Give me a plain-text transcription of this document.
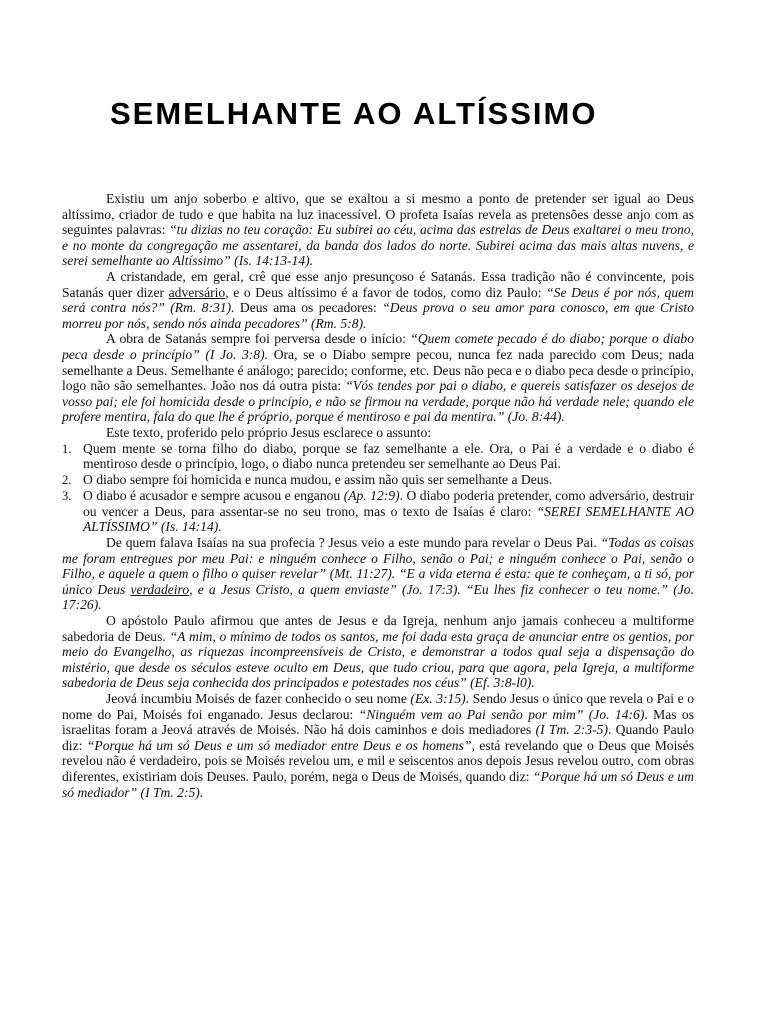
SEMELHANTE AO ALTÍSSIMO

Existiu um anjo soberbo e altivo, que se exaltou a si mesmo a ponto de pretender ser igual ao Deus altíssimo, criador de tudo e que habita na luz inacessível. O profeta Isaías revela as pretensões desse anjo com as seguintes palavras: “tu dizias no teu coração: Eu subirei ao céu, acima das estrelas de Deus exaltarei o meu trono, e no monte da congregação me assentarei, da banda dos lados do norte. Subirei acima das mais altas nuvens, e serei semelhante ao Altíssimo” (Is. 14:13-14).

A cristandade, em geral, crê que esse anjo presunçoso é Satanás. Essa tradição não é convincente, pois Satanás quer dizer adversário, e o Deus altíssimo é a favor de todos, como diz Paulo: “Se Deus é por nós, quem será contra nós?” (Rm. 8:31). Deus ama os pecadores: “Deus prova o seu amor para conosco, em que Cristo morreu por nós, sendo nós ainda pecadores” (Rm. 5:8).

A obra de Satanás sempre foi perversa desde o início: “Quem comete pecado é do diabo; porque o diabo peca desde o princípio” (I Jo. 3:8). Ora, se o Diabo sempre pecou, nunca fez nada parecido com Deus; nada semelhante a Deus. Semelhante é análogo; parecido; conforme, etc. Deus não peca e o diabo peca desde o princípio, logo não são semelhantes. João nos dá outra pista: “Vós tendes por pai o diabo, e quereis satisfazer os desejos de vosso pai; ele foi homicida desde o princípio, e não se firmou na verdade, porque não há verdade nele; quando ele profere mentira, fala do que lhe é próprio, porque é mentiroso e pai da mentira.” (Jo. 8:44).

Este texto, proferido pelo próprio Jesus esclarece o assunto:

1. Quem mente se torna filho do diabo, porque se faz semelhante a ele. Ora, o Pai é a verdade e o diabo é mentiroso desde o princípio, logo, o diabo nunca pretendeu ser semelhante ao Deus Pai.
2. O diabo sempre foi homicida e nunca mudou, e assim não quis ser semelhante a Deus.
3. O diabo é acusador e sempre acusou e enganou (Ap. 12:9). O diabo poderia pretender, como adversário, destruir ou vencer a Deus, para assentar-se no seu trono, mas o texto de Isaías é claro: “SEREI SEMELHANTE AO ALTÍSSIMO” (Is. 14:14).

De quem falava Isaías na sua profecia ? Jesus veio a este mundo para revelar o Deus Pai. “Todas as coisas me foram entregues por meu Pai: e ninguém conhece o Filho, senão o Pai; e ninguém conhece o Pai, senão o Filho, e aquele a quem o filho o quiser revelar” (Mt. 11:27). “E a vida eterna é esta: que te conheçam, a ti só, por único Deus verdadeiro, e a Jesus Cristo, a quem enviaste” (Jo. 17:3). “Eu lhes fiz conhecer o teu nome.” (Jo. 17:26).

O apóstolo Paulo afirmou que antes de Jesus e da Igreja, nenhum anjo jamais conheceu a multiforme sabedoria de Deus. “A mim, o mínimo de todos os santos, me foi dada esta graça de anunciar entre os gentios, por meio do Evangelho, as riquezas incompreensíveis de Cristo, e demonstrar a todos qual seja a dispensação do mistério, que desde os séculos esteve oculto em Deus, que tudo criou, para que agora, pela Igreja, a multiforme sabedoria de Deus seja conhecida dos principados e potestades nos céus” (Ef. 3:8-l0).

Jeová incumbiu Moisés de fazer conhecido o seu nome (Ex. 3:15). Sendo Jesus o único que revela o Pai e o nome do Pai, Moisés foi enganado. Jesus declarou: “Ninguém vem ao Pai senão por mim” (Jo. 14:6). Mas os israelitas foram a Jeová através de Moisés. Não há dois caminhos e dois mediadores (I Tm. 2:3-5). Quando Paulo diz: “Porque há um só Deus e um só mediador entre Deus e os homens”, está revelando que o Deus que Moisés revelou não é verdadeiro, pois se Moisés revelou um, e mil e seiscentos anos depois Jesus revelou outro, com obras diferentes, existiriam dois Deuses. Paulo, porém, nega o Deus de Moisés, quando diz: “Porque há um só Deus e um só mediador” (I Tm. 2:5).
